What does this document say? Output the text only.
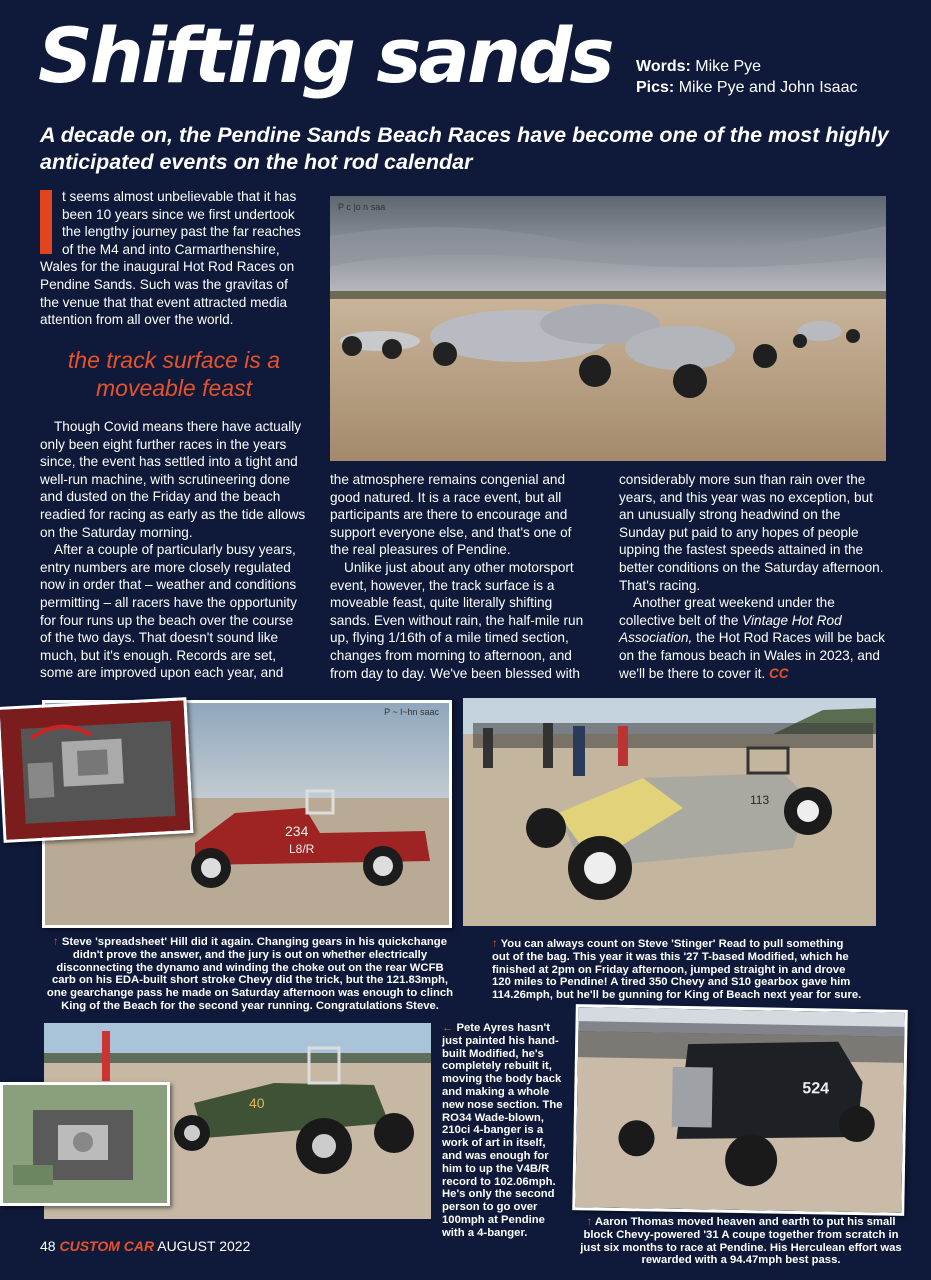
Shifting sands Words: Mike Pye
Pics: Mike Pye and John Isaac
A decade on, the Pendine Sands Beach Races have become one of the most highly anticipated events on the hot rod calendar

t seems almost unbelievable that it has been 10 years since we first undertook the lengthy journey past the far reaches of the M4 and into Carmarthenshire, Wales for the inaugural Hot Rod Races on Pendine Sands. Such was the gravitas of the venue that that event attracted media attention from all over the world.

the track surface is a moveable feast

Though Covid means there have actually only been eight further races in the years since, the event has settled into a tight and well-run machine, with scrutineering done and dusted on the Friday and the beach readied for racing as early as the tide allows on the Saturday morning.

After a couple of particularly busy years, entry numbers are more closely regulated now in order that – weather and conditions permitting – all racers have the opportunity for four runs up the beach over the course of the two days. That doesn't sound like much, but it's enough. Records are set, some are improved upon each year, and

the atmosphere remains congenial and good natured. It is a race event, but all participants are there to encourage and support everyone else, and that's one of the real pleasures of Pendine.

Unlike just about any other motorsport event, however, the track surface is a moveable feast, quite literally shifting sands. Even without rain, the half-mile run up, flying 1/16th of a mile timed section, changes from morning to afternoon, and from day to day. We've been blessed with

considerably more sun than rain over the years, and this year was no exception, but an unusually strong headwind on the Sunday put paid to any hopes of people upping the fastest speeds attained in the better conditions on the Saturday afternoon. That's racing.

Another great weekend under the collective belt of the Vintage Hot Rod Association, the Hot Rod Races will be back on the famous beach in Wales in 2023, and we'll be there to cover it. CC

P c |o n saa
234
L8/R
P ~ l~hn saac
113
↑ Steve 'spreadsheet' Hill did it again. Changing gears in his quickchange didn't prove the answer, and the jury is out on whether electrically disconnecting the dynamo and winding the choke out on the rear WCFB carb on his EDA-built short stroke Chevy did the trick, but the 121.83mph, one gearchange pass he made on Saturday afternoon was enough to clinch King of the Beach for the second year running. Congratulations Steve.
↑ You can always count on Steve 'Stinger' Read to pull something out of the bag. This year it was this '27 T-based Modified, which he finished at 2pm on Friday afternoon, jumped straight in and drove 120 miles to Pendine! A tired 350 Chevy and S10 gearbox gave him 114.26mph, but he'll be gunning for King of Beach next year for sure.
40
← Pete Ayres hasn't just painted his hand-built Modified, he's completely rebuilt it, moving the body back and making a whole new nose section. The RO34 Wade-blown, 210ci 4-banger is a work of art in itself, and was enough for him to up the V4B/R record to 102.06mph. He's only the second person to go over 100mph at Pendine with a 4-banger.
524
↑ Aaron Thomas moved heaven and earth to put his small block Chevy-powered '31 A coupe together from scratch in just six months to race at Pendine. His Herculean effort was rewarded with a 94.47mph best pass.
48 CUSTOM CAR AUGUST 2022
